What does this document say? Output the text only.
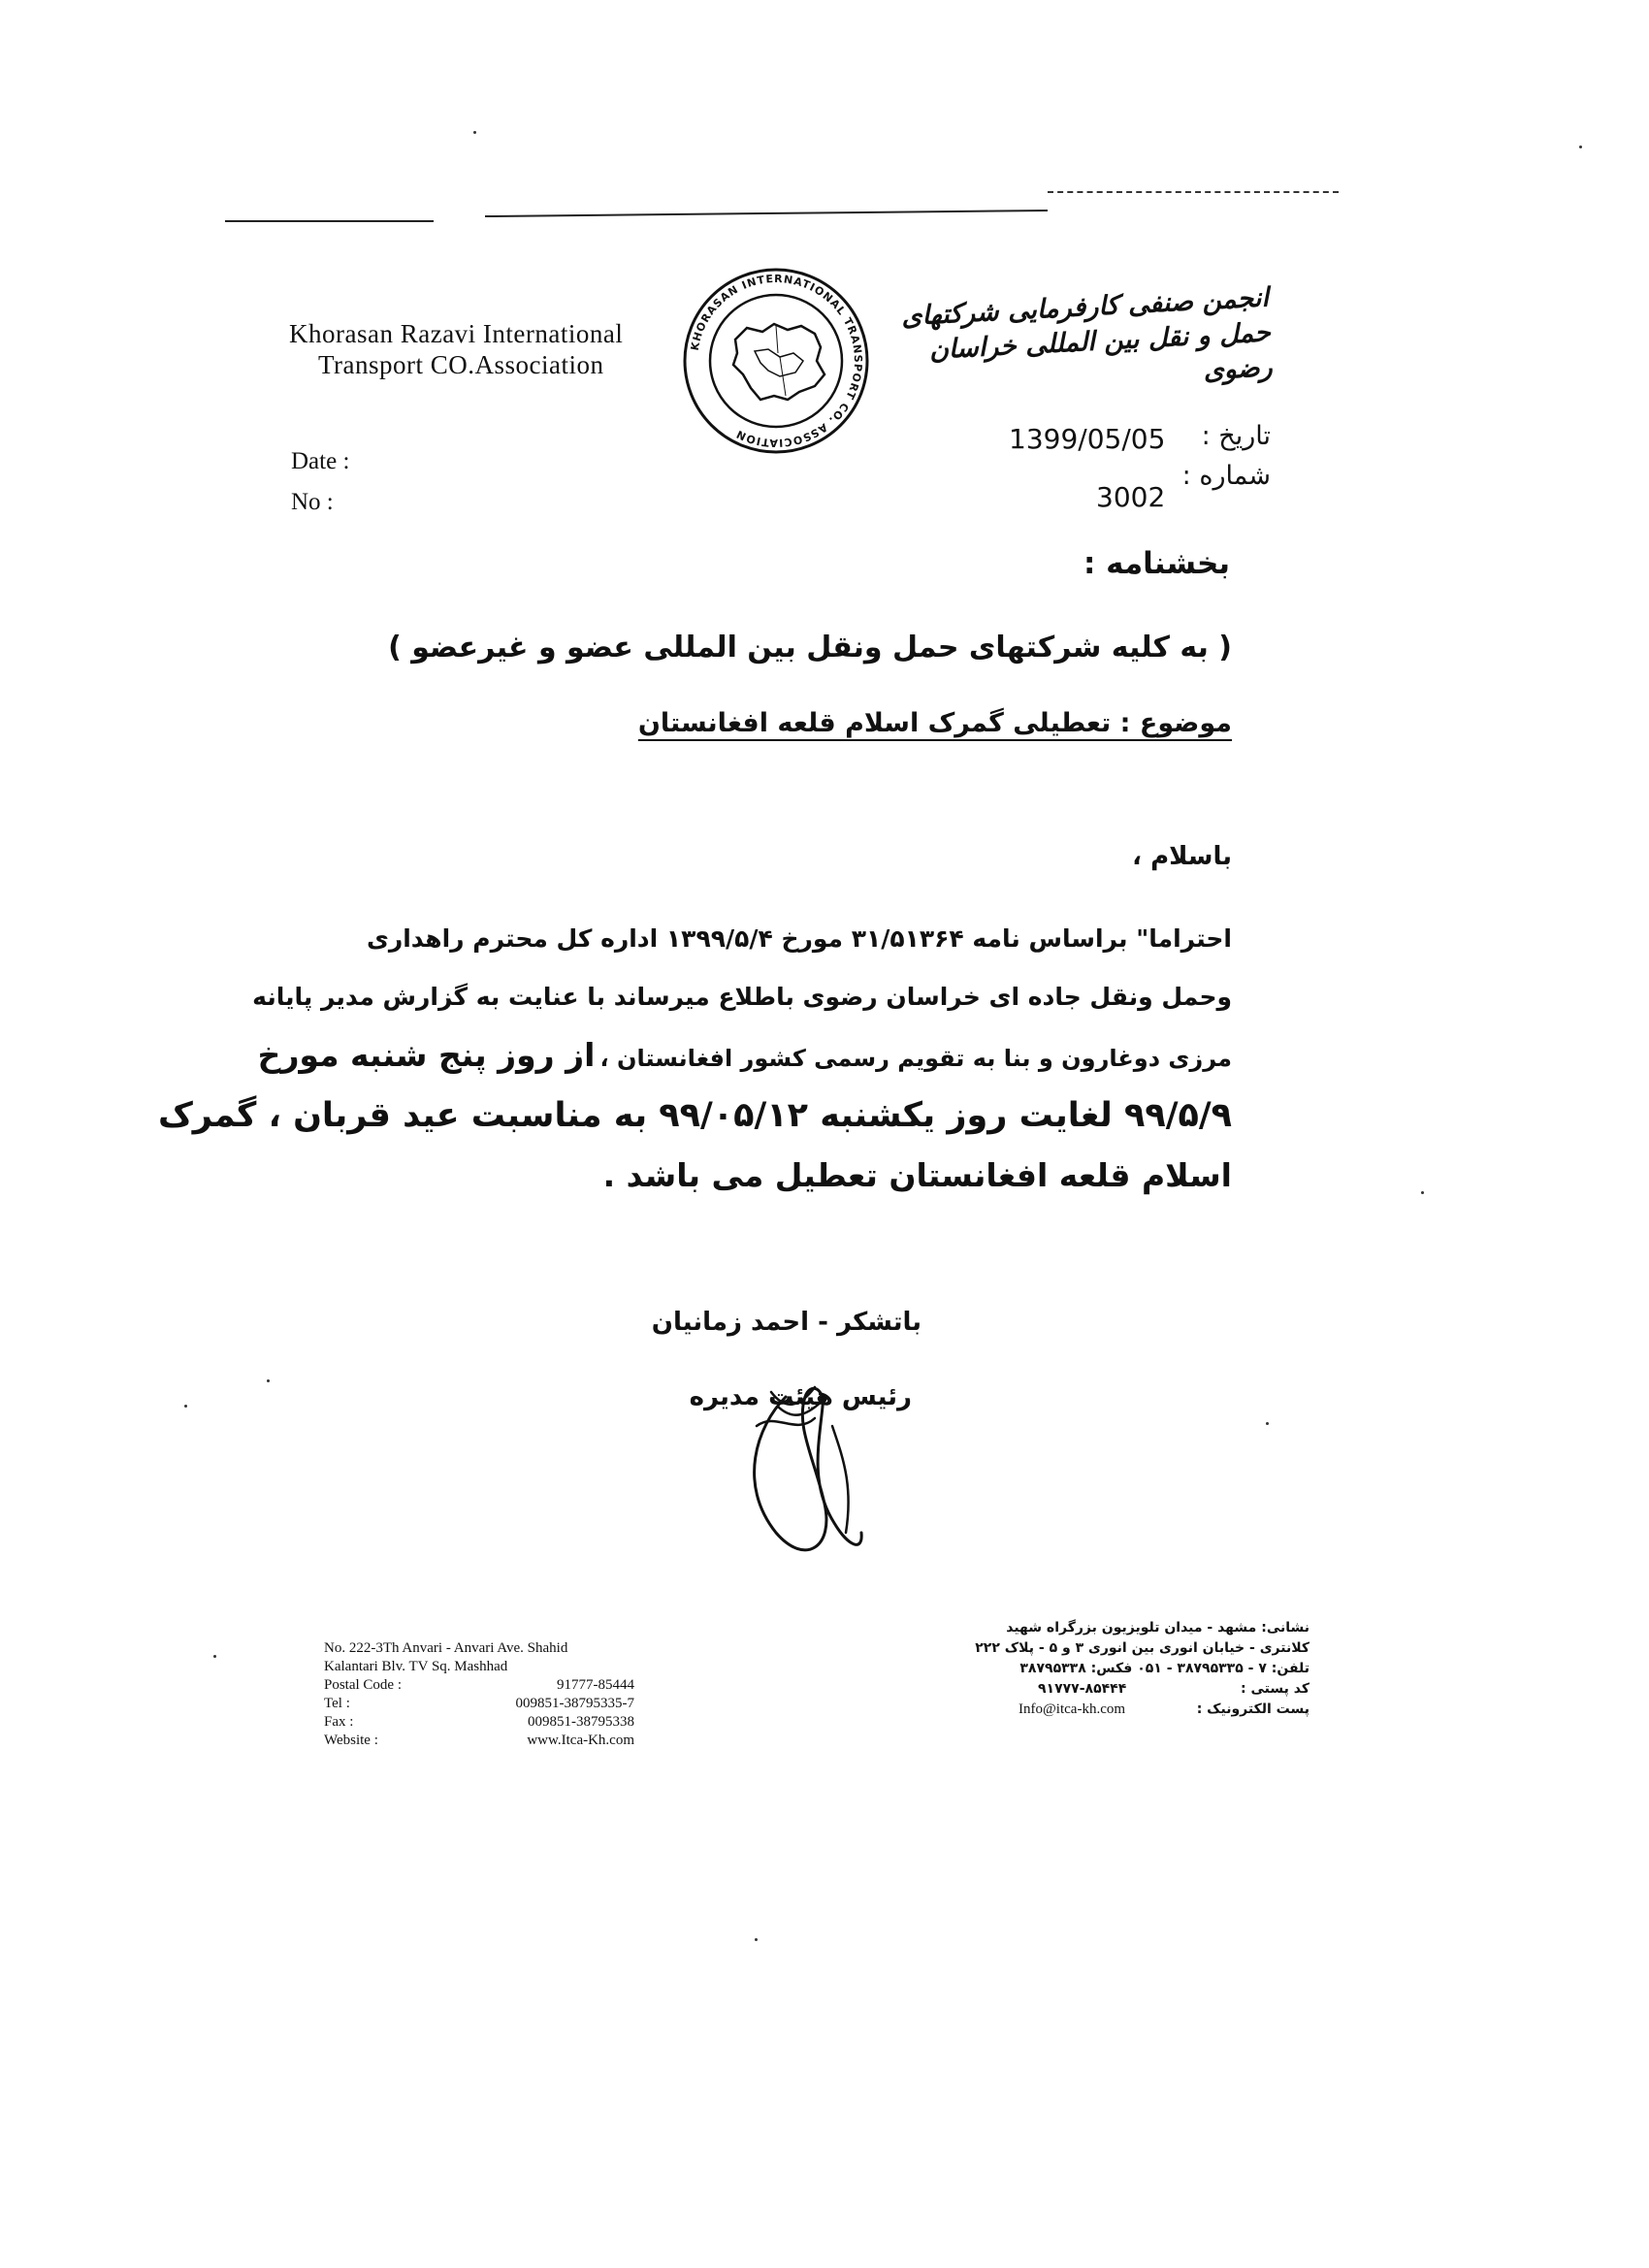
Khorasan Razavi International
Transport CO.Association
KHORASAN INTERNATIONAL TRANSPORT CO. ASSOCIATION
انجمن صنفی کارفرمایی شرکتهای حمل و نقل بین المللی خراسان رضوی
Date :
No :
1399/05/05	تاریخ :
شماره :
3002
بخشنامه :
( به کلیه شرکتهای حمل ونقل بین المللی عضو و غیرعضو )
موضوع : تعطیلی گمرک اسلام قلعه افغانستان
باسلام ،
احتراما" براساس نامه ۳۱/۵۱۳۶۴ مورخ ۱۳۹۹/۵/۴ اداره کل محترم راهداری
وحمل ونقل جاده ای خراسان رضوی باطلاع میرساند با عنایت به گزارش مدیر پایانه
مرزی دوغارون و بنا به تقویم رسمی کشور افغانستان ، از روز پنج شنبه مورخ
۹۹/۵/۹ لغایت روز یکشنبه ۹۹/۰۵/۱۲ به مناسبت عید قربان ، گمرک
اسلام قلعه افغانستان تعطیل می باشد .
باتشکر - احمد زمانیان
رئیس هیئت مدیره
No. 222-3Th Anvari - Anvari Ave. Shahid
Kalantari Blv. TV Sq. Mashhad
Postal Code :	91777-85444
Tel :	009851-38795335-7
Fax :	009851-38795338
Website :	www.Itca-Kh.com
نشانی: مشهد - میدان تلویزیون بزرگراه شهید
کلانتری - خیابان انوری بین انوری ۳ و ۵ - پلاک ۲۲۲
تلفن: ۷ - ۳۸۷۹۵۳۳۵ - ۰۵۱ فکس: ۳۸۷۹۵۳۳۸
کد پستی :
۹۱۷۷۷-۸۵۴۴۴
پست الکترونیک :
Info@itca-kh.com
